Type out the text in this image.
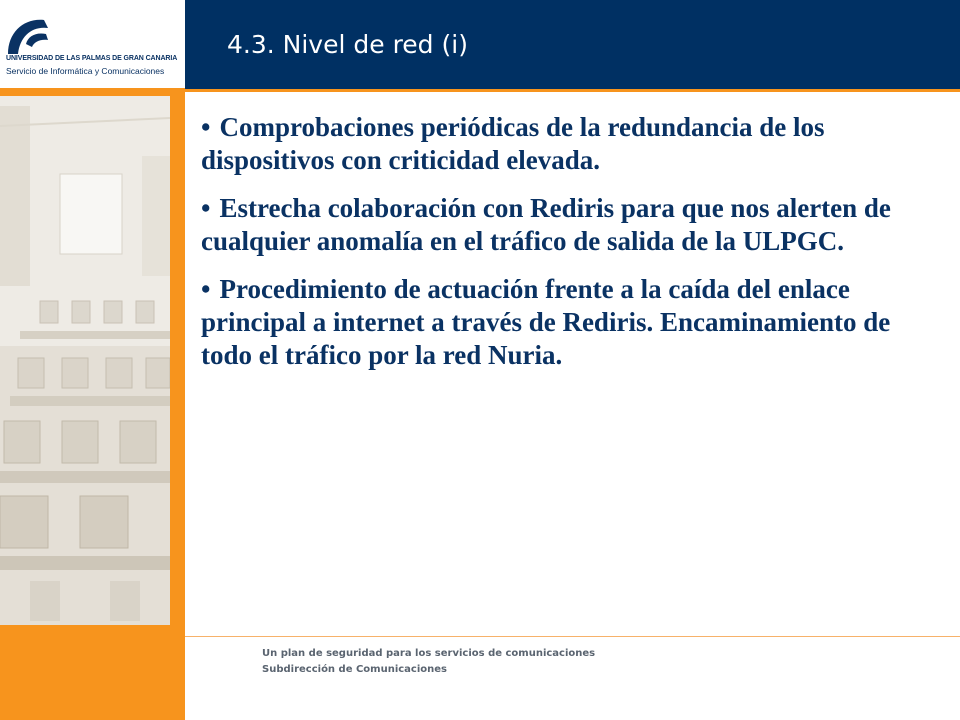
UNIVERSIDAD DE LAS PALMAS DE GRAN CANARIA
Servicio de Informática y Comunicaciones
4.3. Nivel de red (i)
• Comprobaciones periódicas de la redundancia de los dispositivos con criticidad elevada.
• Estrecha colaboración con Rediris para que nos alerten de cualquier anomalía en el tráfico de salida de la ULPGC.
• Procedimiento de actuación frente a la caída del enlace principal a internet a través de Rediris. Encaminamiento de todo el tráfico por la red Nuria.
Un plan de seguridad para los servicios de comunicaciones
Subdirección de Comunicaciones
